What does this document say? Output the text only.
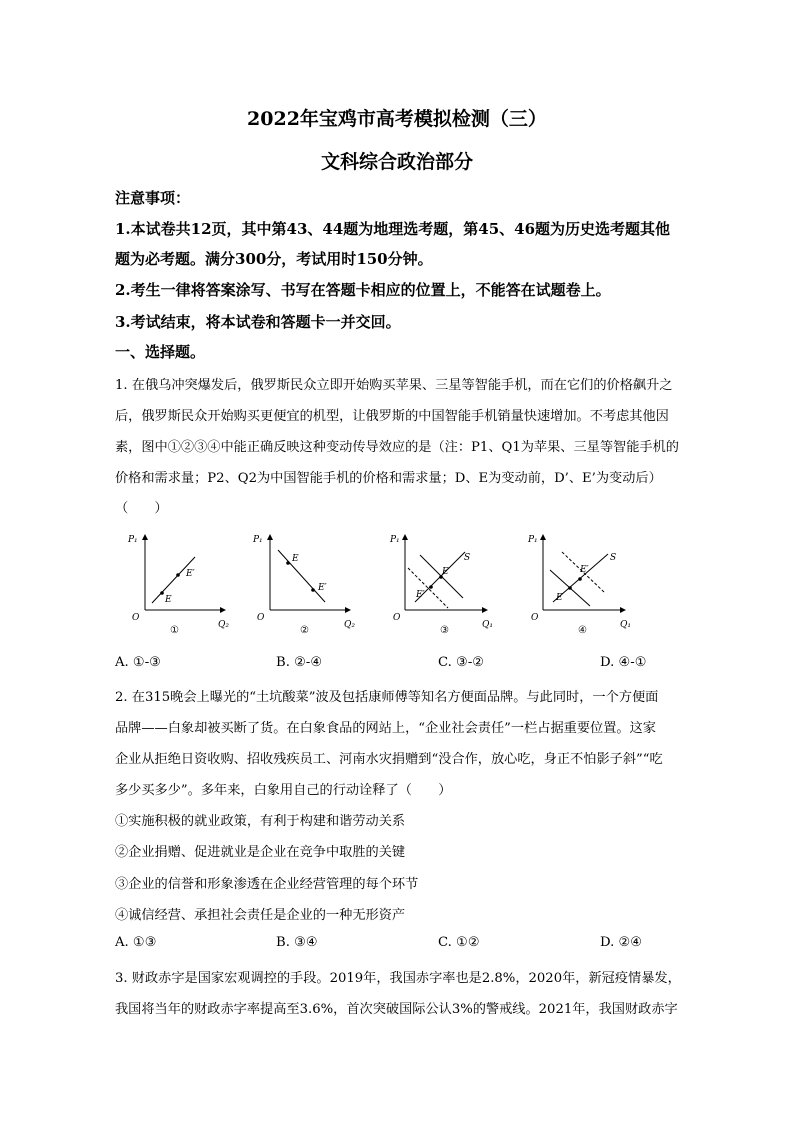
2022年宝鸡市高考模拟检测（三）
文科综合政治部分
注意事项：
1.本试卷共12页，其中第43、44题为地理选考题，第45、46题为历史选考题其他
题为必考题。满分300分，考试用时150分钟。
2.考生一律将答案涂写、书写在答题卡相应的位置上，不能答在试题卷上。
3.考试结束，将本试卷和答题卡一并交回。
一、选择题。
1. 在俄乌冲突爆发后，俄罗斯民众立即开始购买苹果、三星等智能手机，而在它们的价格飙升之
后，俄罗斯民众开始购买更便宜的机型，让俄罗斯的中国智能手机销量快速增加。不考虑其他因
素，图中①②③④中能正确反映这种变动传导效应的是（注：P1、Q1为苹果、三星等智能手机的
价格和需求量；P2、Q2为中国智能手机的价格和需求量；D、E为变动前，D’、E’为变动后）
（　　）
P₁
Q₂
O
E
E′
①
P₁
Q₂
O
E
E′
②
P₁
Q₁
O
E
E′
S
③
P₁
Q₁
O
E
E′
S
④
A. ①-③	B. ②-④	C. ③-②	D. ④-①
2. 在315晚会上曝光的“土坑酸菜”波及包括康师傅等知名方便面品牌。与此同时，一个方便面
品牌——白象却被买断了货。在白象食品的网站上，“企业社会责任”一栏占据重要位置。这家
企业从拒绝日资收购、招收残疾员工、河南水灾捐赠到“没合作，放心吃，身正不怕影子斜”“吃
多少买多少”。多年来，白象用自己的行动诠释了（　　）
①实施积极的就业政策，有利于构建和谐劳动关系
②企业捐赠、促进就业是企业在竞争中取胜的关键
③企业的信誉和形象渗透在企业经营管理的每个环节
④诚信经营、承担社会责任是企业的一种无形资产
A. ①③	B. ③④	C. ①②	D. ②④
3. 财政赤字是国家宏观调控的手段。2019年，我国赤字率也是2.8%，2020年，新冠疫情暴发，
我国将当年的财政赤字率提高至3.6%，首次突破国际公认3%的警戒线。2021年，我国财政赤字
